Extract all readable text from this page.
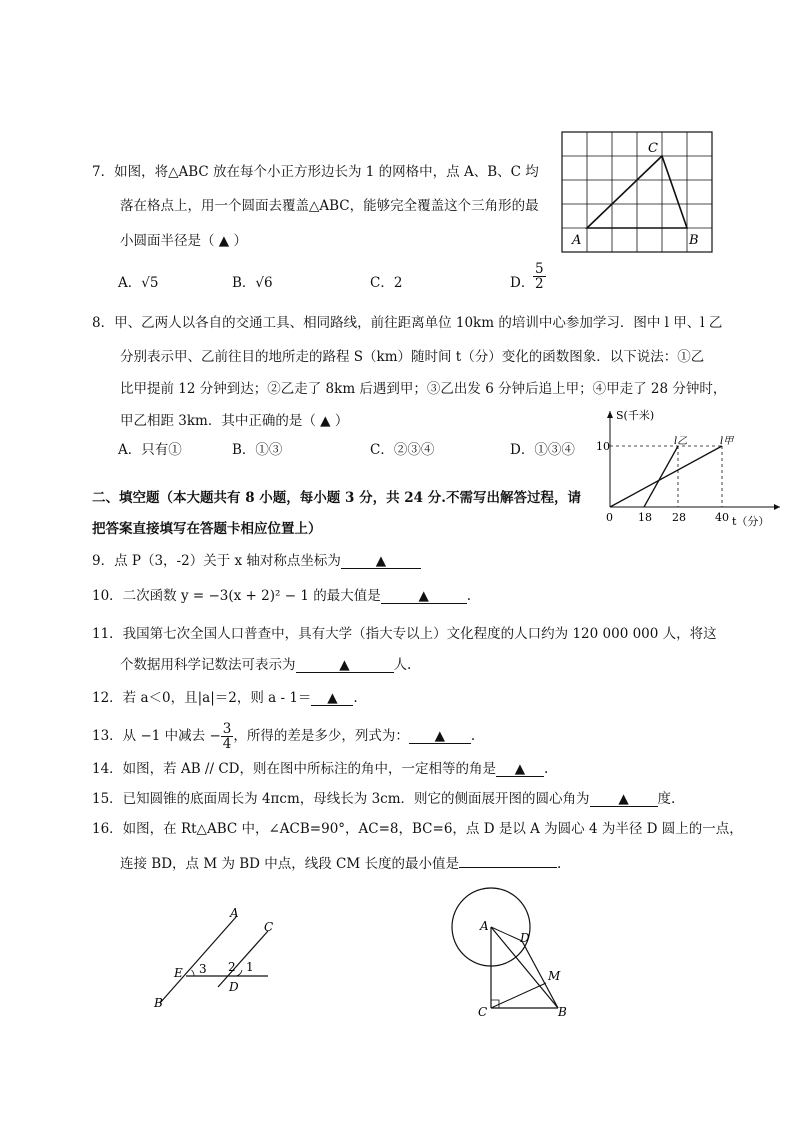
7．如图，将△ABC 放在每个小正方形边长为 1 的网格中，点 A、B、C 均
落在格点上，用一个圆面去覆盖△ABC，能够完全覆盖这个三角形的最
小圆面半径是（ ▲ ）
A．√5	B．√6	C．2	D．
$\frac{5}{2}$
A	B
C
8．甲、乙两人以各自的交通工具、相同路线，前往距离单位 10km 的培训中心参加学习．图中 l 甲、l 乙
分别表示甲、乙前往目的地所走的路程 S（km）随时间 t（分）变化的函数图象．以下说法：①乙
比甲提前 12 分钟到达；②乙走了 8km 后遇到甲；③乙出发 6 分钟后追上甲；④甲走了 28 分钟时，
甲乙相距 3km．其中正确的是（ ▲ ）
A．只有①	B．①③	C．②③④	D．①③④
S(千米)
10
0 18 28	40 t（分）
l乙	l甲
二、填空题（本大题共有 8 小题，每小题 3 分，共 24 分.不需写出解答过程，请
把答案直接填写在答题卡相应位置上）
9．点 P（3，-2）关于 x 轴对称点坐标为	▲
10．二次函数 y = −3(x + 2)² − 1 的最大值是	▲	.
11．我国第七次全国人口普查中，具有大学（指大专以上）文化程度的人口约为 120 000 000 人，将这
个数据用科学记数法可表示为	▲	人.
12．若 a＜0，且|a|＝2，则 a - 1＝ ▲ .
13．从 −1 中减去 − $\frac{3}{4}$ ，所得的差是多少，列式为： ▲ .
14．如图，若 AB // CD，则在图中所标注的角中，一定相等的角是 ▲ .
15．已知圆锥的底面周长为 4πcm，母线长为 3cm．则它的侧面展开图的圆心角为 ▲ 度.
16．如图，在 Rt△ABC 中，∠ACB=90°，AC=8，BC=6，点 D 是以 A 为圆心 4 为半径 D 圆上的一点，
连接 BD，点 M 为 BD 中点，线段 CM 长度的最小值是	.
A
B
C
D
E 3 2 1
A
C	B
D
M
